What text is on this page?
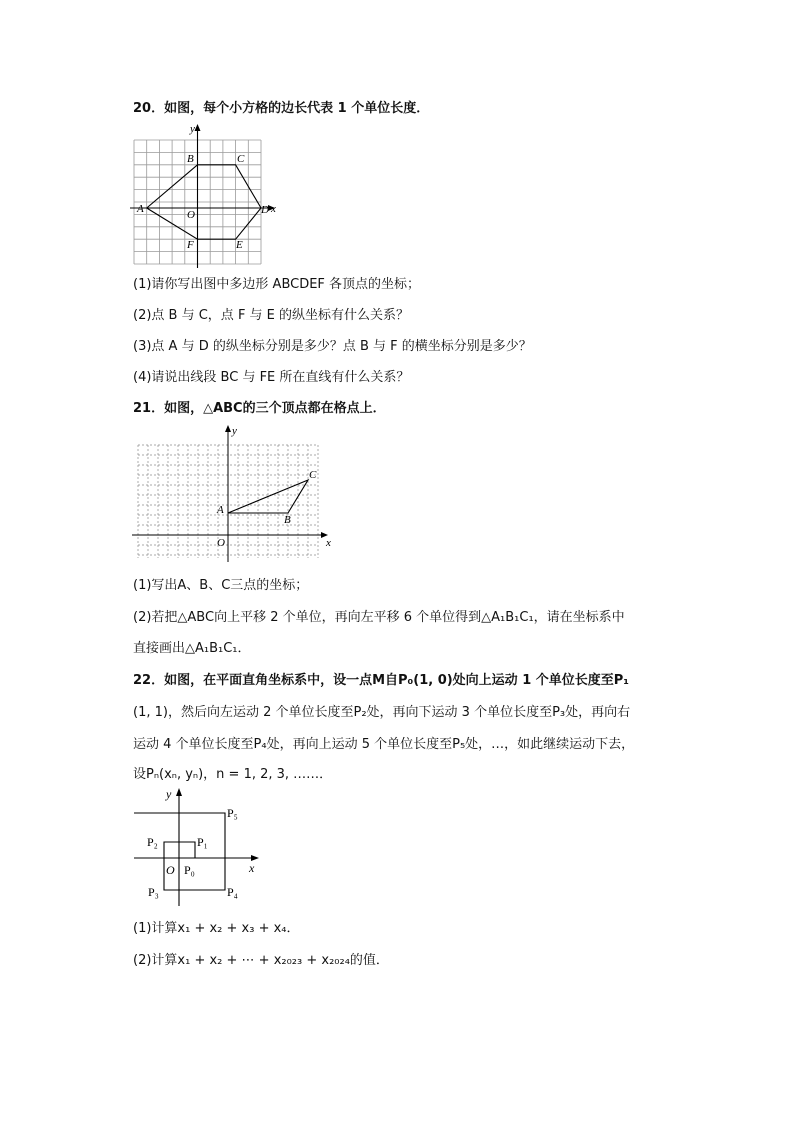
20．如图，每个小方格的边长代表 1 个单位长度．
y
x
O
A
B	C
D
E
F
(1)请你写出图中多边形 ABCDEF 各顶点的坐标；
(2)点 B 与 C，点 F 与 E 的纵坐标有什么关系？
(3)点 A 与 D 的纵坐标分别是多少？点 B 与 F 的横坐标分别是多少？
(4)请说出线段 BC 与 FE 所在直线有什么关系？
21．如图，△ABC的三个顶点都在格点上．
y
x
O
A
B
C
(1)写出A、B、C三点的坐标；
(2)若把△ABC向上平移 2 个单位，再向左平移 6 个单位得到△A₁B₁C₁，请在坐标系中
直接画出△A₁B₁C₁．
22．如图，在平面直角坐标系中，设一点M自P₀(1, 0)处向上运动 1 个单位长度至P₁
(1, 1)，然后向左运动 2 个单位长度至P₂处，再向下运动 3 个单位长度至P₃处，再向右
运动 4 个单位长度至P₄处，再向上运动 5 个单位长度至P₅处，…，如此继续运动下去，
设Pₙ(xₙ, yₙ)，n = 1, 2, 3, ……．
y
x
O P₀
P₁
P₂
P₃	P₄
P₅
(1)计算x₁ + x₂ + x₃ + x₄．
(2)计算x₁ + x₂ + ⋯ + x₂₀₂₃ + x₂₀₂₄的值．
